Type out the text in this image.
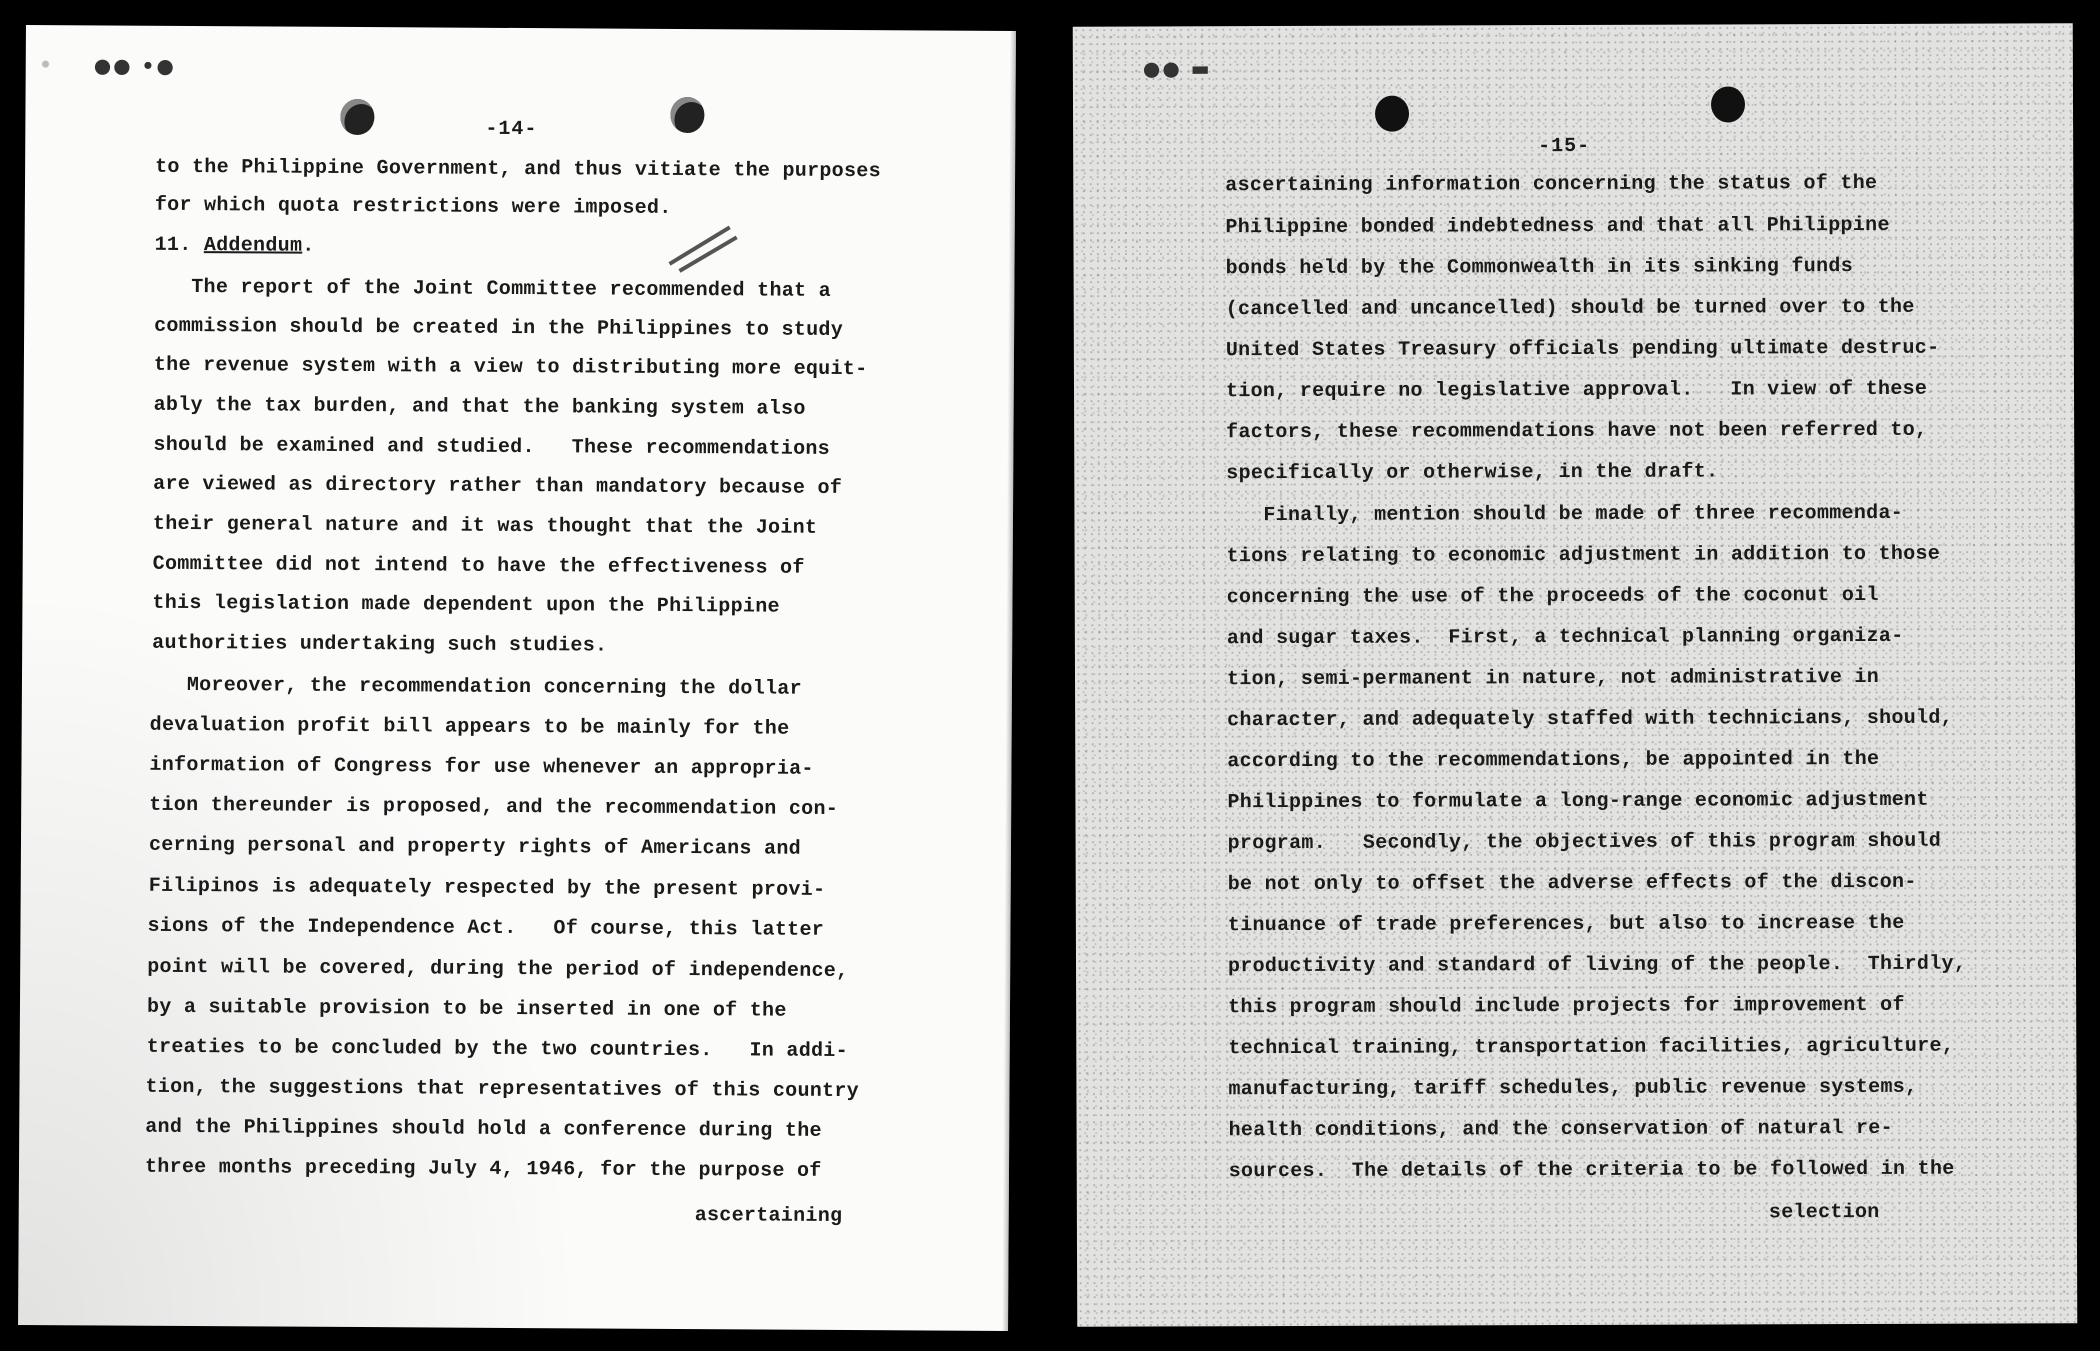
●● •●
-14-
to the Philippine Government, and thus vitiate the purposes
for which quota restrictions were imposed.
11. Addendum.
The report of the Joint Committee recommended that a
commission should be created in the Philippines to study
the revenue system with a view to distributing more equit-
ably the tax burden, and that the banking system also
should be examined and studied.   These recommendations
are viewed as directory rather than mandatory because of
their general nature and it was thought that the Joint
Committee did not intend to have the effectiveness of
this legislation made dependent upon the Philippine
authorities undertaking such studies.
Moreover, the recommendation concerning the dollar
devaluation profit bill appears to be mainly for the
information of Congress for use whenever an appropria-
tion thereunder is proposed, and the recommendation con-
cerning personal and property rights of Americans and
Filipinos is adequately respected by the present provi-
sions of the Independence Act.   Of course, this latter
point will be covered, during the period of independence,
by a suitable provision to be inserted in one of the
treaties to be concluded by the two countries.   In addi-
tion, the suggestions that representatives of this country
and the Philippines should hold a conference during the
three months preceding July 4, 1946, for the purpose of
ascertaining
●● ▬
-15-
ascertaining information concerning the status of the
Philippine bonded indebtedness and that all Philippine
bonds held by the Commonwealth in its sinking funds
(cancelled and uncancelled) should be turned over to the
United States Treasury officials pending ultimate destruc-
tion, require no legislative approval.   In view of these
factors, these recommendations have not been referred to,
specifically or otherwise, in the draft.
Finally, mention should be made of three recommenda-
tions relating to economic adjustment in addition to those
concerning the use of the proceeds of the coconut oil
and sugar taxes.  First, a technical planning organiza-
tion, semi-permanent in nature, not administrative in
character, and adequately staffed with technicians, should,
according to the recommendations, be appointed in the
Philippines to formulate a long-range economic adjustment
program.   Secondly, the objectives of this program should
be not only to offset the adverse effects of the discon-
tinuance of trade preferences, but also to increase the
productivity and standard of living of the people.  Thirdly,
this program should include projects for improvement of
technical training, transportation facilities, agriculture,
manufacturing, tariff schedules, public revenue systems,
health conditions, and the conservation of natural re-
sources.  The details of the criteria to be followed in the
selection
